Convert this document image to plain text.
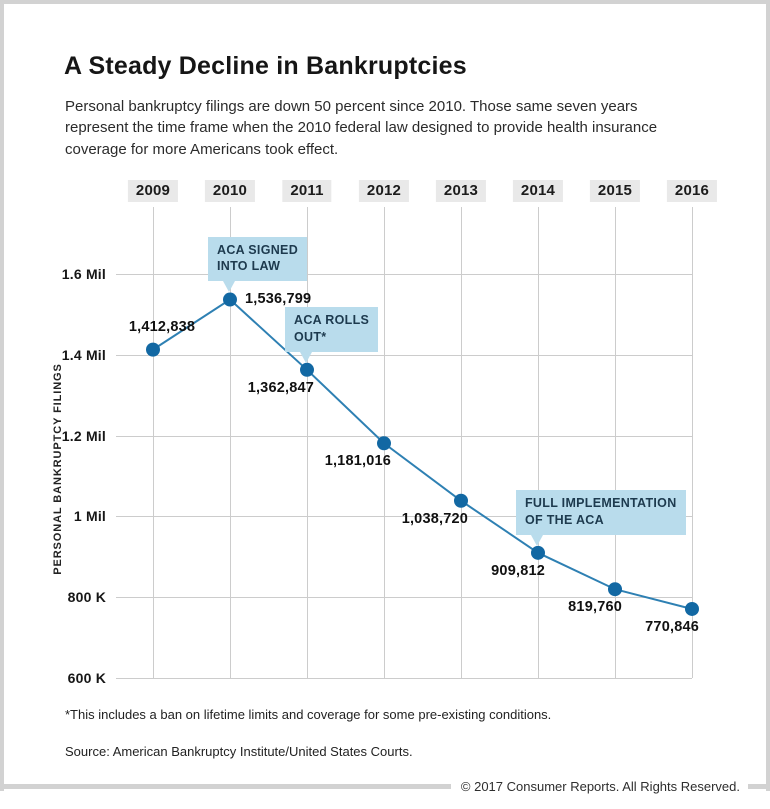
A Steady Decline in Bankruptcies

Personal bankruptcy filings are down 50 percent since 2010. Those same seven years represent the time frame when the 2010 federal law designed to provide health insurance coverage for more Americans took effect.

PERSONAL BANKRUPTCY FILINGS
1.6 Mil
1.4 Mil
1.2 Mil
1 Mil
800 K
600 K
2009	2010	2011	2012	2013	2014	2015	2016
1,412,838
1,536,799
1,362,847
1,181,016
1,038,720
909,812
819,760
770,846
ACA SIGNED
INTO LAW
ACA ROLLS
OUT*
FULL IMPLEMENTATION
OF THE ACA

*This includes a ban on lifetime limits and coverage for some pre-existing conditions.

Source: American Bankruptcy Institute/United States Courts.

© 2017 Consumer Reports. All Rights Reserved.
